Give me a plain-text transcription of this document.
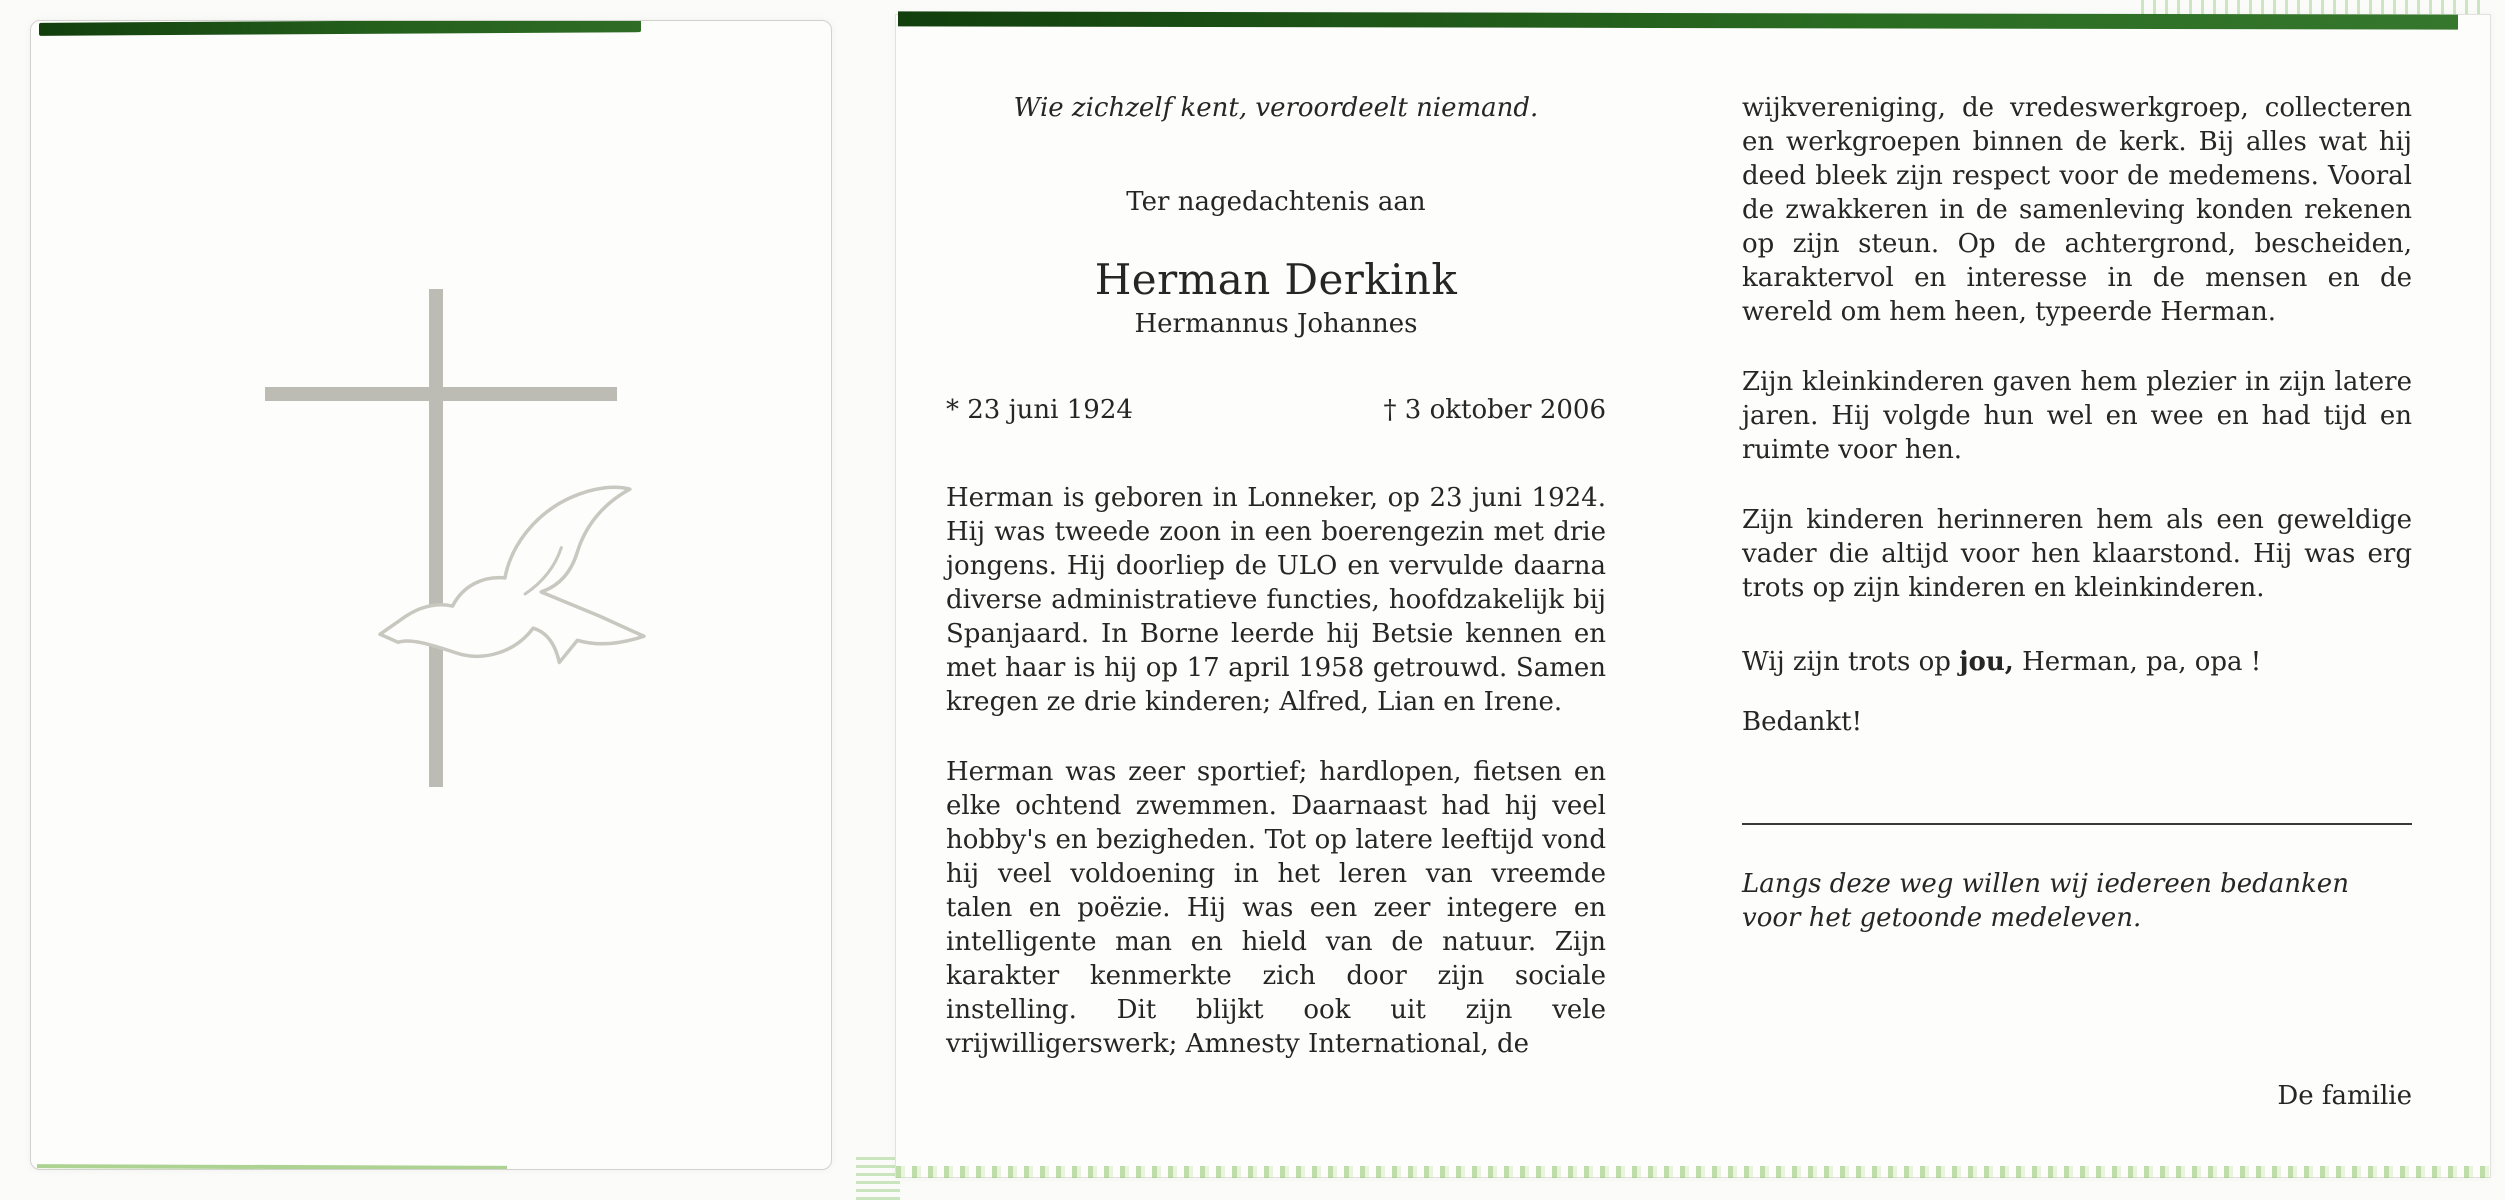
Wie zichzelf kent, veroordeelt niemand.

Ter nagedachtenis aan

Herman Derkink

Hermannus Johannes

* 23 juni 1924	† 3 oktober 2006

Herman is geboren in Lonneker, op 23 juni 1924. Hij was tweede zoon in een boerengezin met drie jongens. Hij doorliep de ULO en vervulde daarna diverse administratieve functies, hoofdzakelijk bij Spanjaard. In Borne leerde hij Betsie kennen en met haar is hij op 17 april 1958 getrouwd. Samen kregen ze drie kinderen; Alfred, Lian en Irene.

Herman was zeer sportief; hardlopen, fietsen en elke ochtend zwemmen. Daarnaast had hij veel hobby's en bezigheden. Tot op latere leeftijd vond hij veel voldoening in het leren van vreemde talen en poëzie. Hij was een zeer integere en intelligente man en hield van de natuur. Zijn karakter kenmerkte zich door zijn sociale instelling. Dit blijkt ook uit zijn vele vrijwilligerswerk; Amnesty International, de

wijkvereniging, de vredeswerkgroep, collecteren en werkgroepen binnen de kerk. Bij alles wat hij deed bleek zijn respect voor de medemens. Vooral de zwakkeren in de samenleving konden rekenen op zijn steun. Op de achtergrond, bescheiden, karaktervol en interesse in de mensen en de wereld om hem heen, typeerde Herman.

Zijn kleinkinderen gaven hem plezier in zijn latere jaren. Hij volgde hun wel en wee en had tijd en ruimte voor hen.

Zijn kinderen herinneren hem als een geweldige vader die altijd voor hen klaarstond. Hij was erg trots op zijn kinderen en kleinkinderen.

Wij zijn trots op jou, Herman, pa, opa !

Bedankt!

Langs deze weg willen wij iedereen bedanken voor het getoonde medeleven.

De familie
